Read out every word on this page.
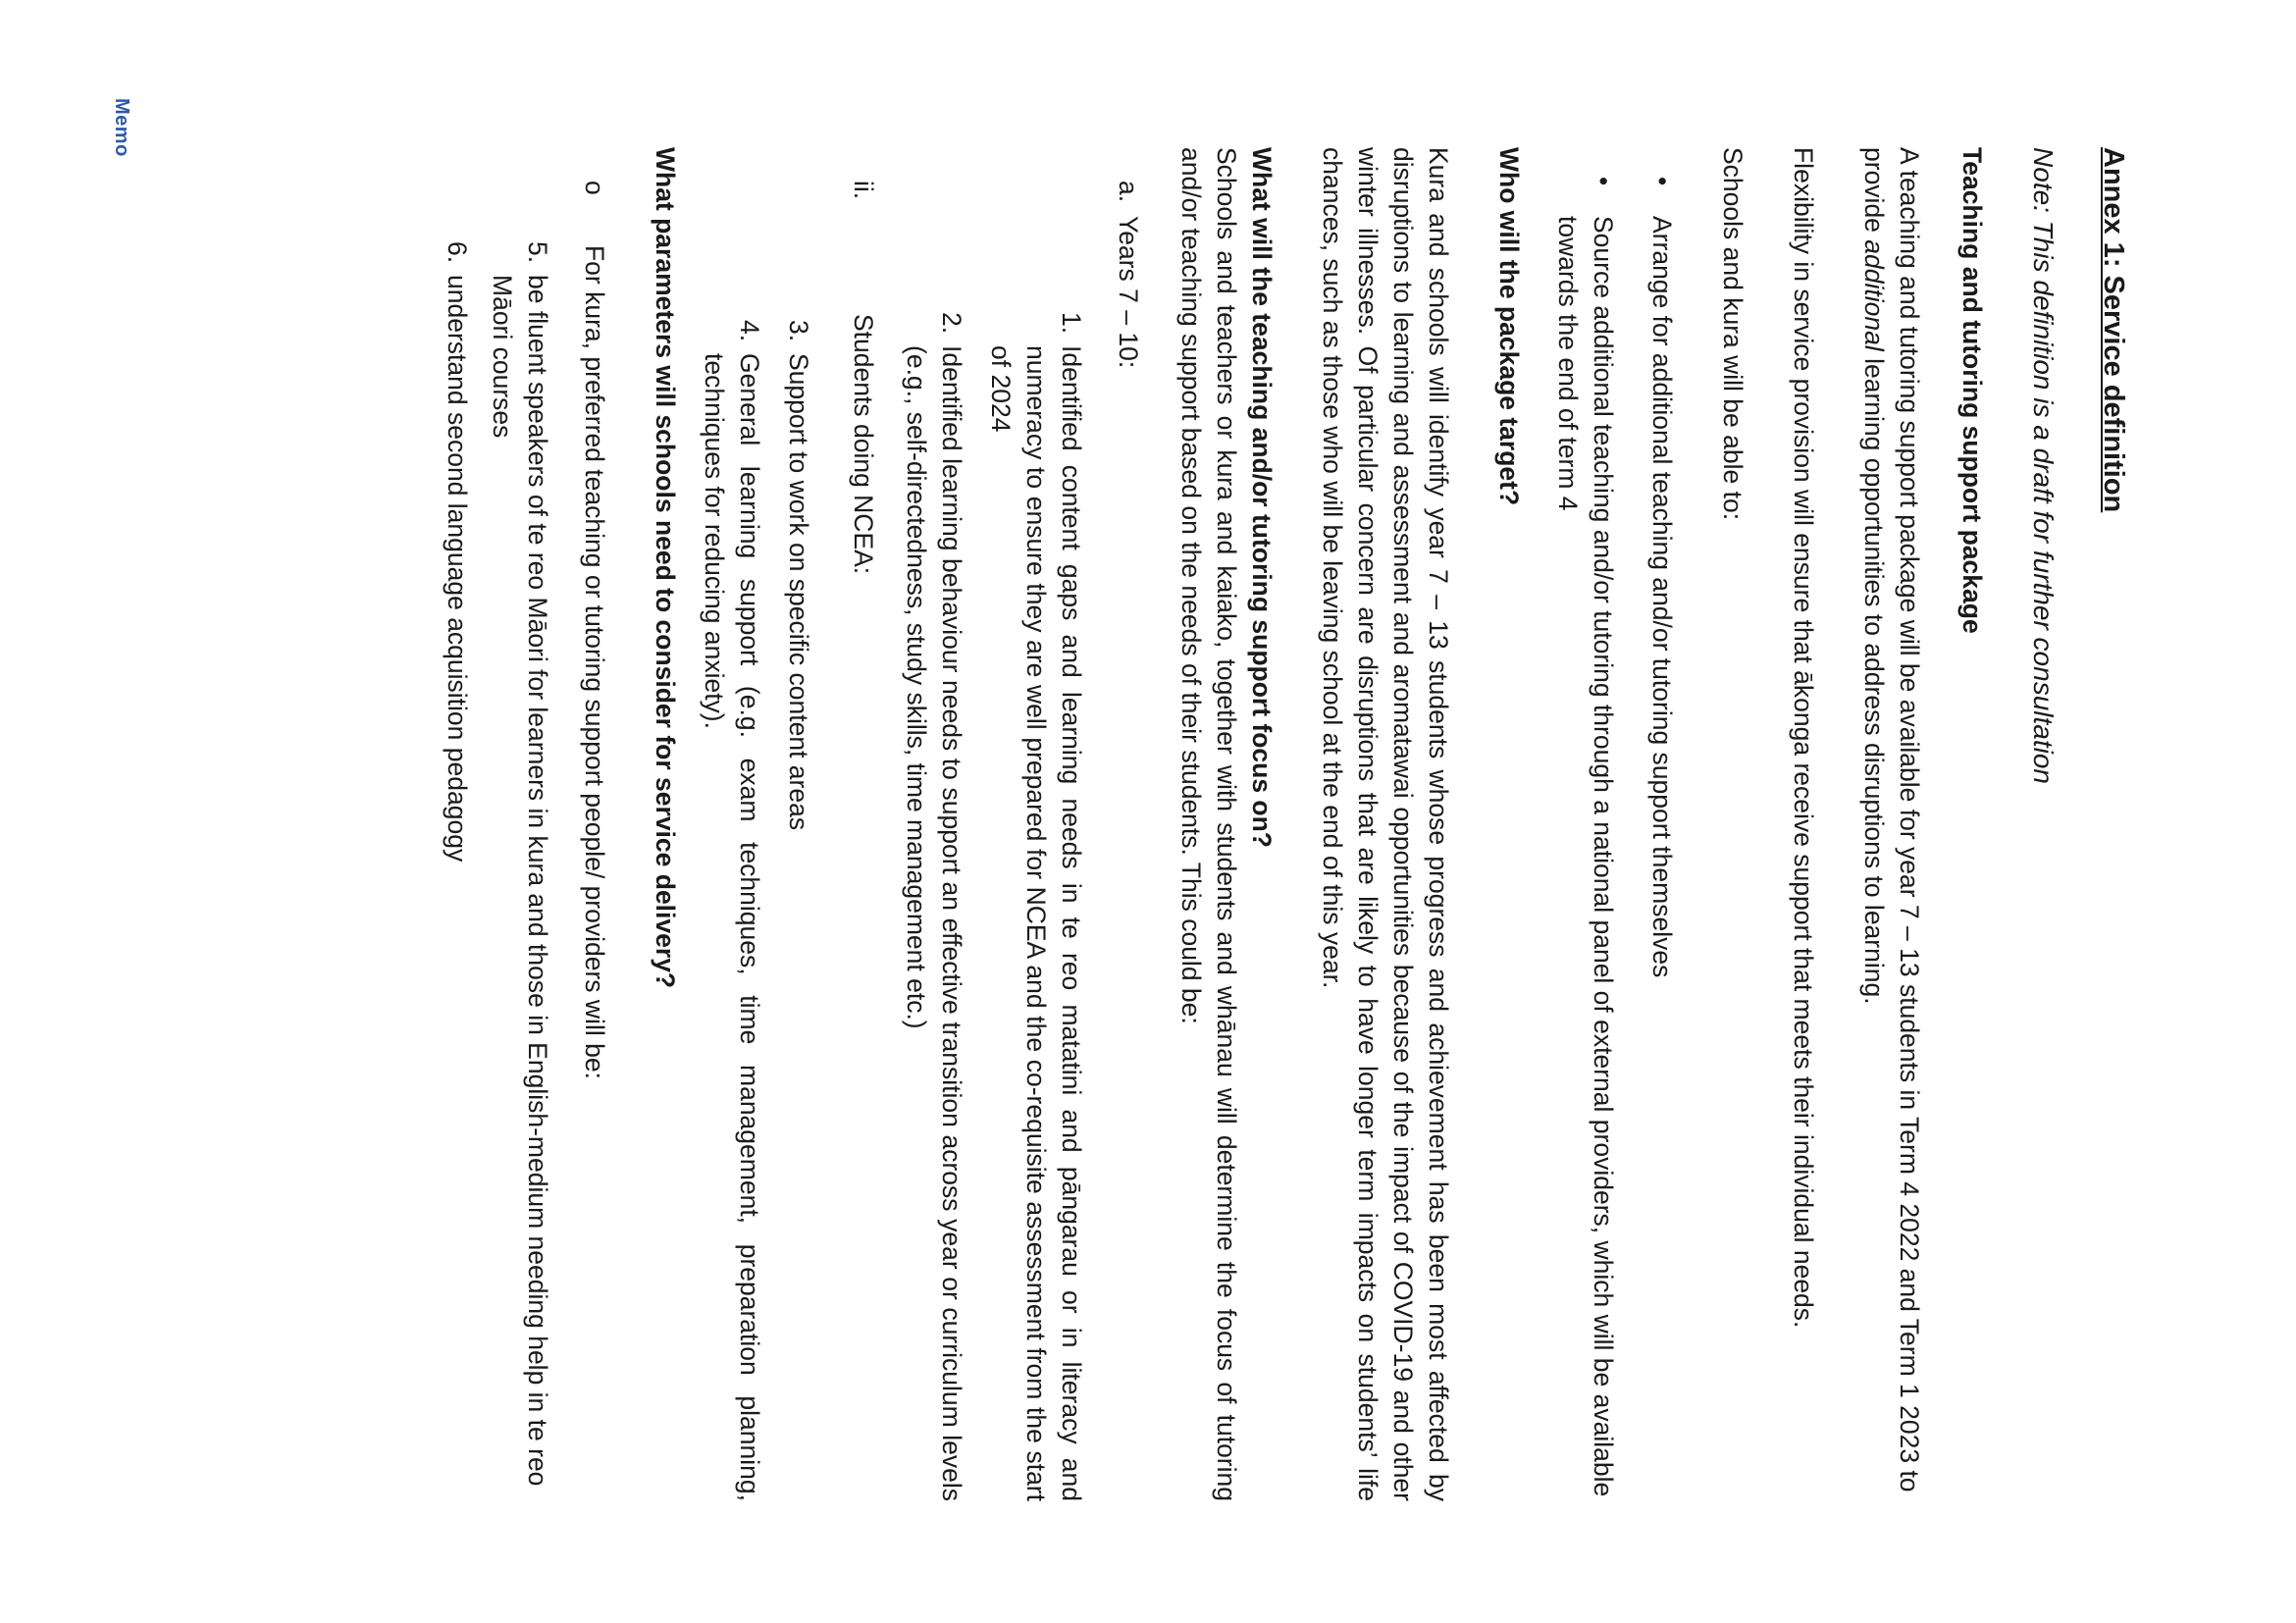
Memo

Annex 1: Service definition

Note: This definition is a draft for further consultation

Teaching and tutoring support package

A teaching and tutoring support package will be available for year 7 – 13 students in Term 4 2022 and Term 1 2023 to provide additional learning opportunities to address disruptions to learning.

Flexibility in service provision will ensure that ākonga receive support that meets their individual needs.

Schools and kura will be able to:

•
Arrange for additional teaching and/or tutoring support themselves
•
Source additional teaching and/or tutoring through a national panel of external providers, which will be available towards the end of term 4

Who will the package target?

Kura and schools will identify year 7 – 13 students whose progress and achievement has been most affected by disruptions to learning and assessment and aromatawai opportunities because of the impact of COVID-19 and other winter illnesses. Of particular concern are disruptions that are likely to have longer term impacts on students’ life chances, such as those who will be leaving school at the end of this year.

What will the teaching and/or tutoring support focus on?

Schools and teachers or kura and kaiako, together with students and whānau will determine the focus of tutoring and/or teaching support based on the needs of their students. This could be:

a.
Years 7 – 10:
1.
Identified content gaps and learning needs in te reo matatini and pāngarau or in literacy and numeracy to ensure they are well prepared for NCEA and the co-requisite assessment from the start of 2024
2.
Identified learning behaviour needs to support an effective transition across year or curriculum levels (e.g., self-directedness, study skills, time management etc.)
ii.
Students doing NCEA:
3.
Support to work on specific content areas
4.
General learning support (e.g. exam techniques, time management, preparation planning, techniques for reducing anxiety).

What parameters will schools need to consider for service delivery?

o
For kura, preferred teaching or tutoring support people/ providers will be:
5.
be fluent speakers of te reo Māori for learners in kura and those in English-medium needing help in te reo Māori courses
6.
understand second language acquisition pedagogy
